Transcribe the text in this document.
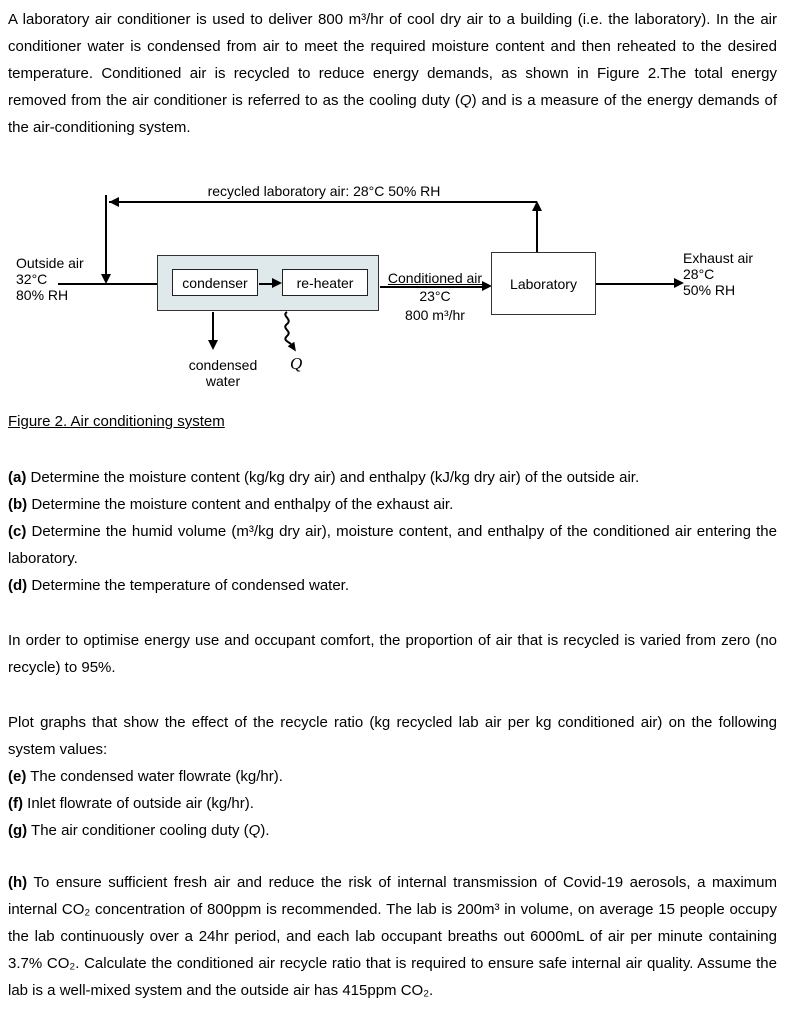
A laboratory air conditioner is used to deliver 800 m³/hr of cool dry air to a building (i.e. the laboratory). In the air conditioner water is condensed from air to meet the required moisture content and then reheated to the desired temperature. Conditioned air is recycled to reduce energy demands, as shown in Figure 2.The total energy removed from the air conditioner is referred to as the cooling duty (Q) and is a measure of the energy demands of the air-conditioning system.

recycled laboratory air: 28°C 50% RH
Outside air
32°C
80% RH
condenser	re-heater	Conditioned air
23°C
800 m³/hr
Laboratory
Exhaust air
28°C
50% RH
condensed
water
Q
Figure 2. Air conditioning system

(a) Determine the moisture content (kg/kg dry air) and enthalpy (kJ/kg dry air) of the outside air.

(b) Determine the moisture content and enthalpy of the exhaust air.

(c) Determine the humid volume (m³/kg dry air), moisture content, and enthalpy of the conditioned air entering the laboratory.

(d) Determine the temperature of condensed water.

In order to optimise energy use and occupant comfort, the proportion of air that is recycled is varied from zero (no recycle) to 95%.

Plot graphs that show the effect of the recycle ratio (kg recycled lab air per kg conditioned air) on the following system values:

(e) The condensed water flowrate (kg/hr).

(f) Inlet flowrate of outside air (kg/hr).

(g) The air conditioner cooling duty (Q).

(h) To ensure sufficient fresh air and reduce the risk of internal transmission of Covid-19 aerosols, a maximum internal CO₂ concentration of 800ppm is recommended. The lab is 200m³ in volume, on average 15 people occupy the lab continuously over a 24hr period, and each lab occupant breaths out 6000mL of air per minute containing 3.7% CO₂. Calculate the conditioned air recycle ratio that is required to ensure safe internal air quality. Assume the lab is a well-mixed system and the outside air has 415ppm CO₂.
